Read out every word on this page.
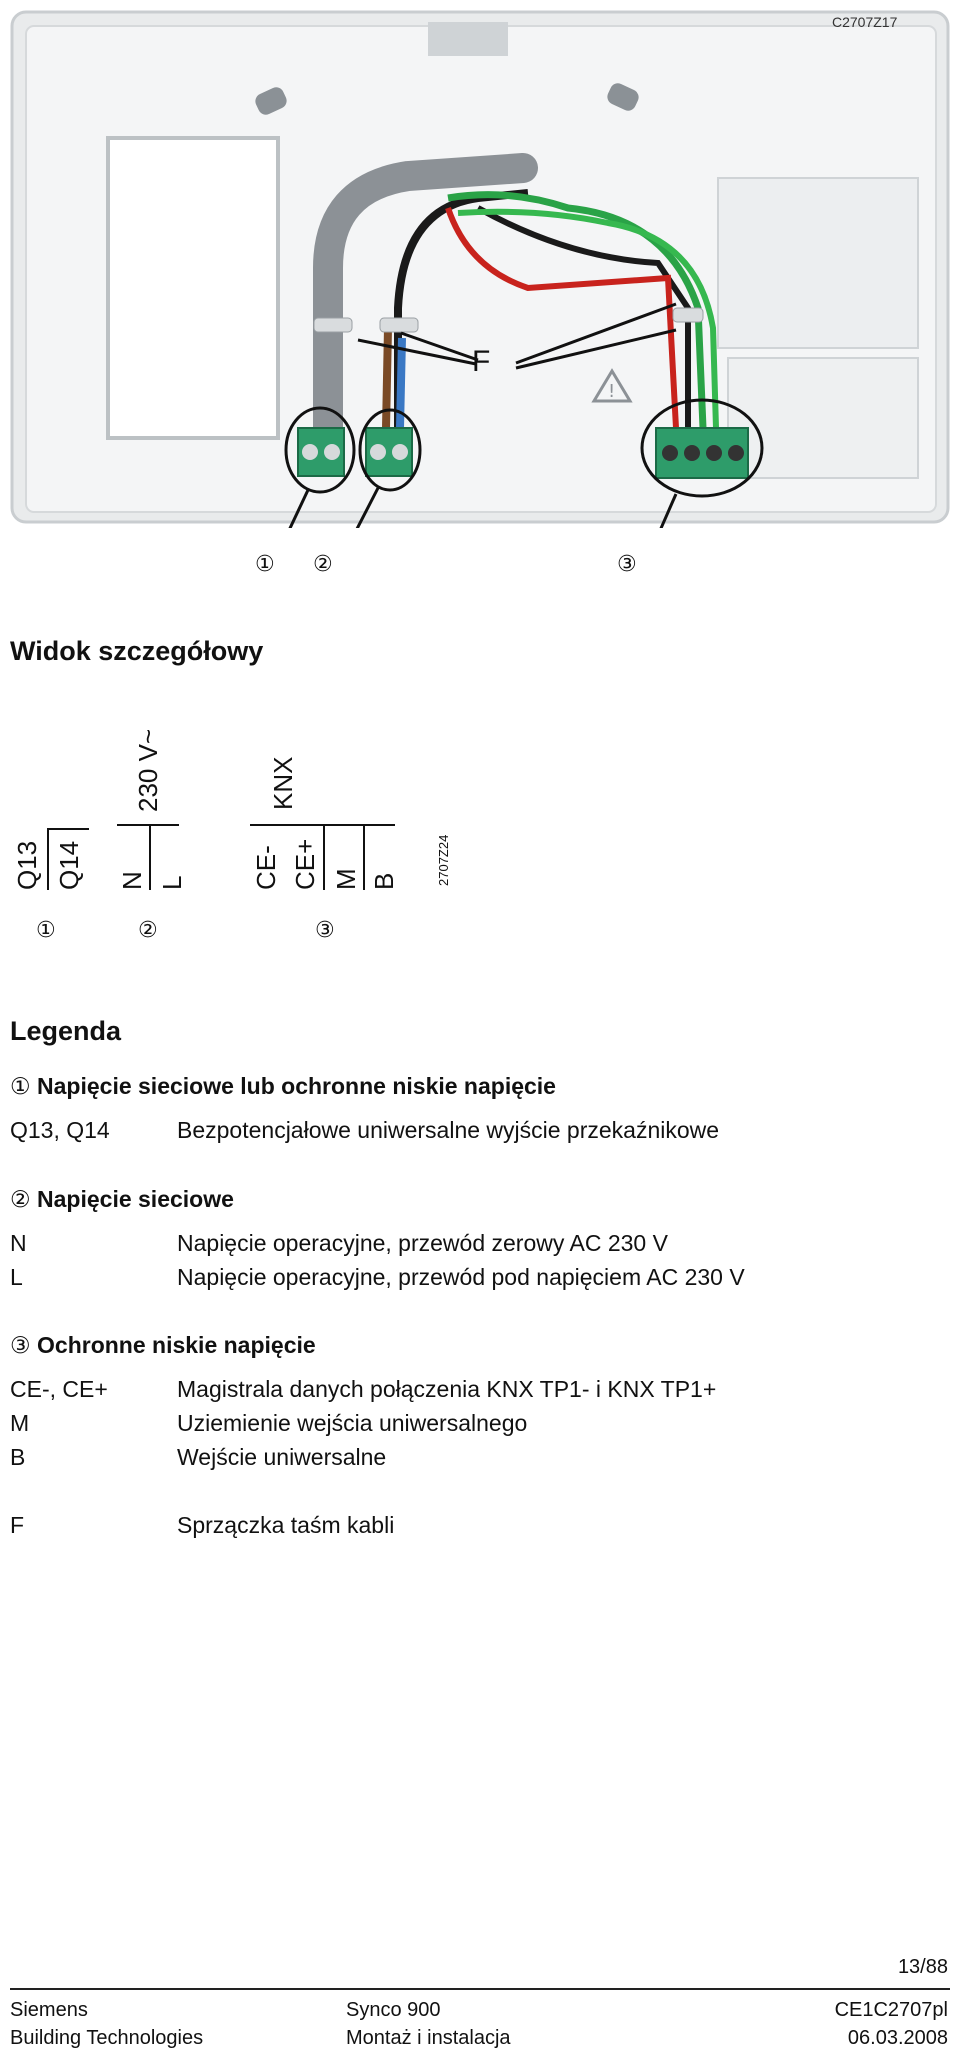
!
C2707Z17
F
① ②	③
Widok szczegółowy
230 V~	KNX
Q13 Q14 N L CE- CE+ M B	2707Z24
①	②	③
Legenda
① Napięcie sieciowe lub ochronne niskie napięcie
Q13, Q14	Bezpotencjałowe uniwersalne wyjście przekaźnikowe
② Napięcie sieciowe
N	Napięcie operacyjne, przewód zerowy AC 230 V
L	Napięcie operacyjne, przewód pod napięciem AC 230 V
③ Ochronne niskie napięcie
CE-, CE+	Magistrala danych połączenia KNX TP1- i KNX TP1+
M	Uziemienie wejścia uniwersalnego
B	Wejście uniwersalne
F	Sprzączka taśm kabli
13/88
Siemens
Building Technologies
Synco 900
Montaż i instalacja
CE1C2707pl
06.03.2008
